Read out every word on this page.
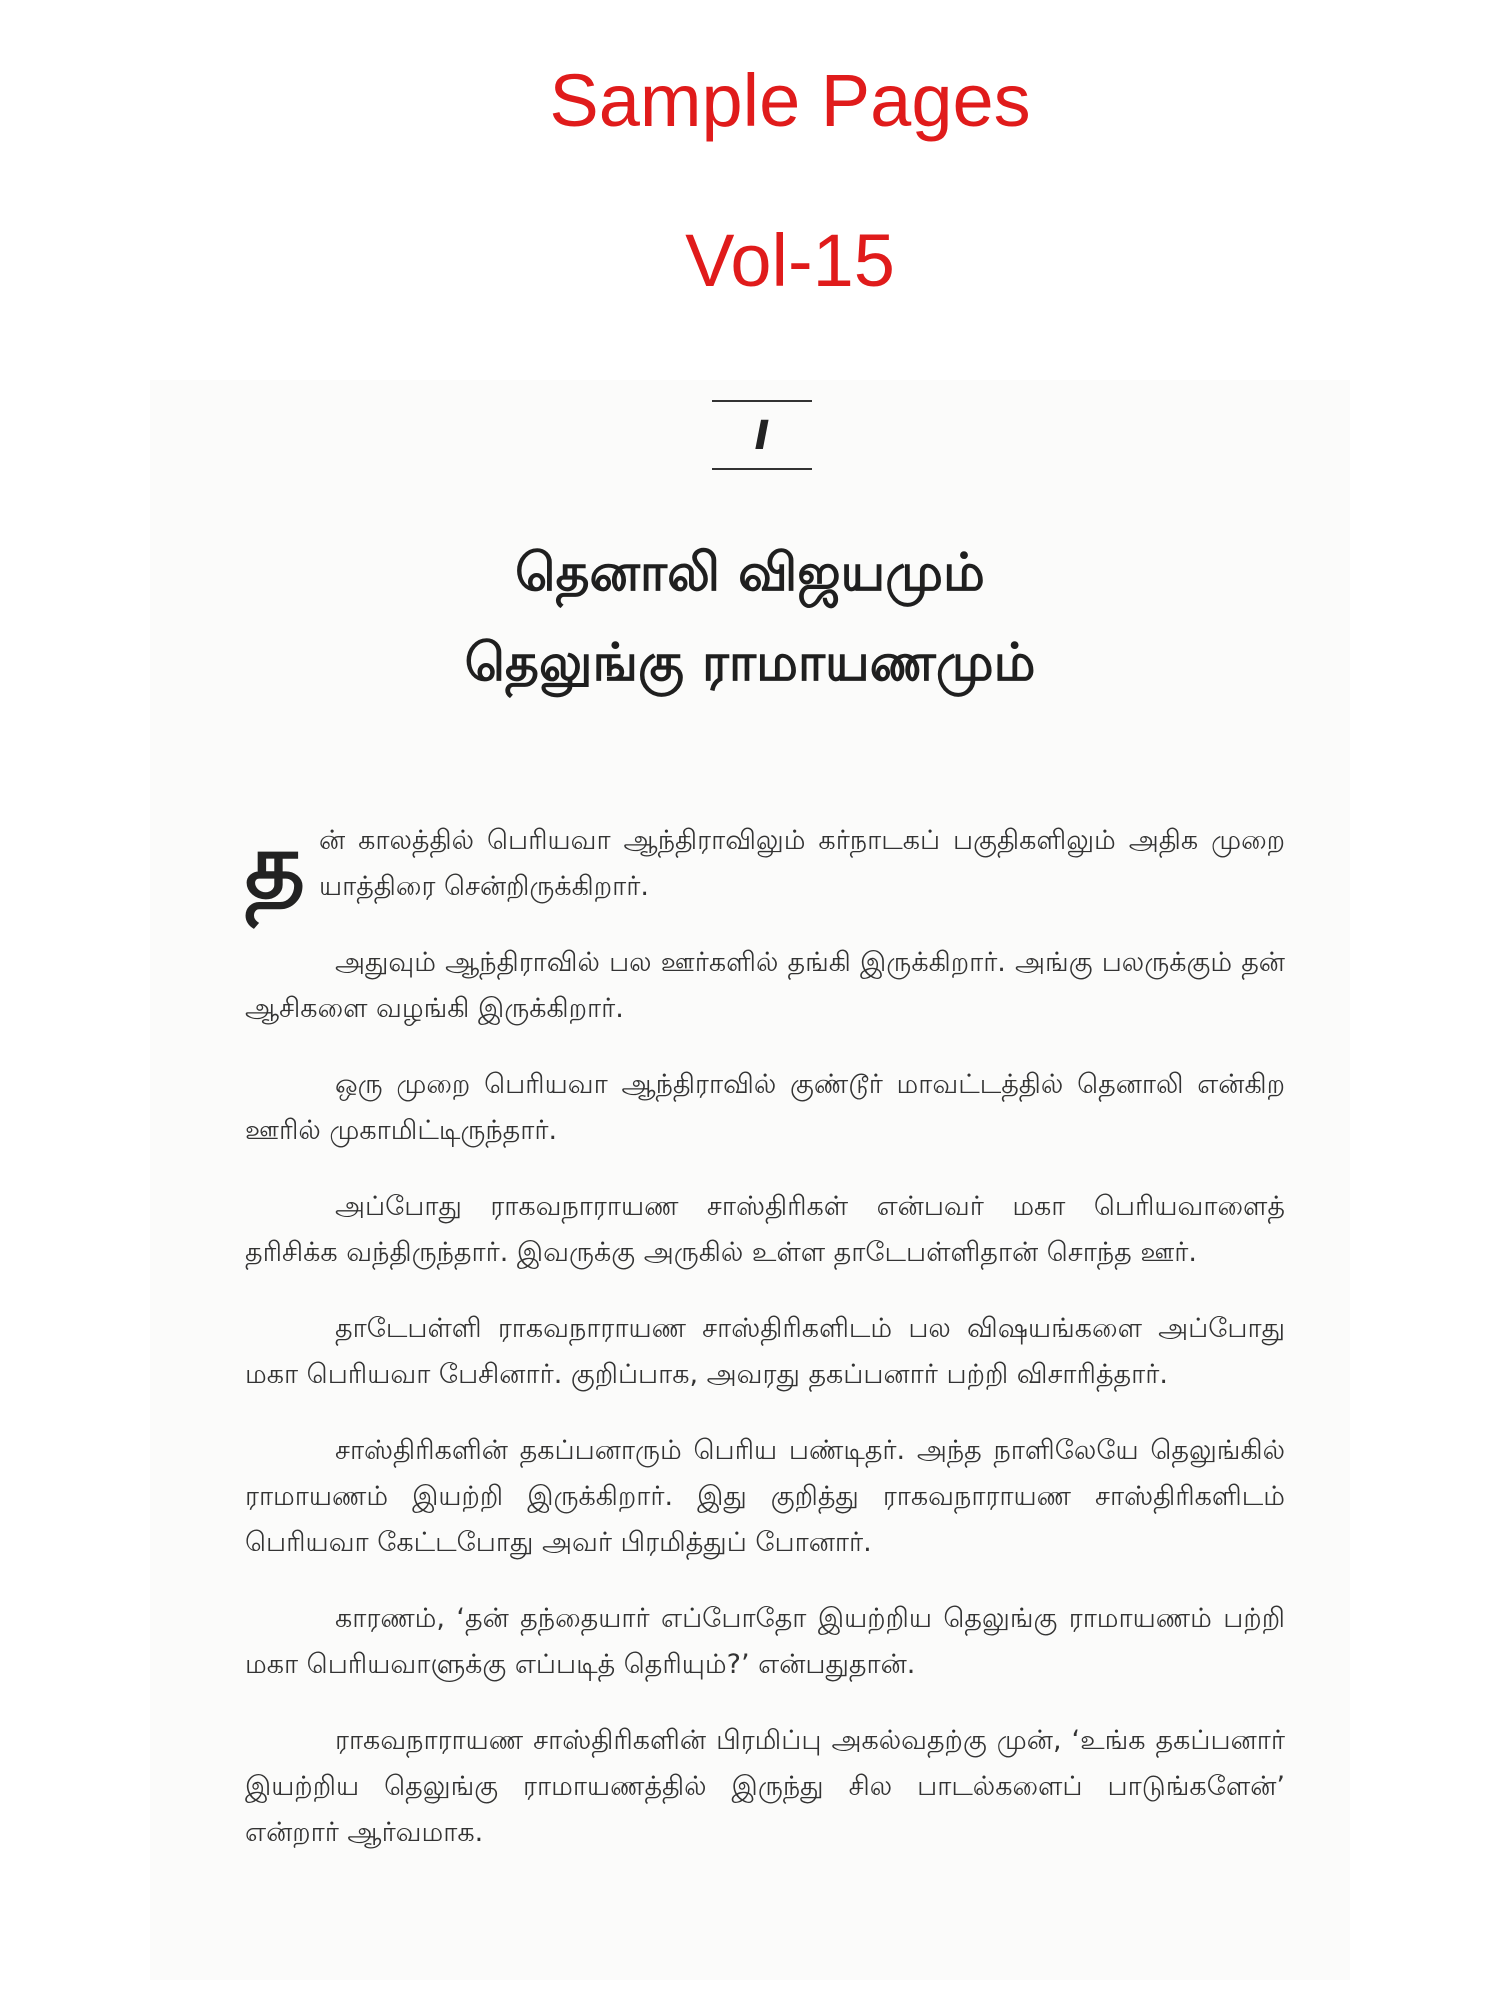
Sample Pages
Vol-15
I
தெனாலி விஜயமும்
தெலுங்கு ராமாயணமும்

தன் காலத்தில் பெரியவா ஆந்திராவிலும் கர்நாடகப் பகுதிகளிலும் அதிக முறை யாத்திரை சென்றிருக்கிறார்.

அதுவும் ஆந்திராவில் பல ஊர்களில் தங்கி இருக்கிறார். அங்கு பலருக்கும் தன் ஆசிகளை வழங்கி இருக்கிறார்.

ஒரு முறை பெரியவா ஆந்திராவில் குண்டூர் மாவட்டத்தில் தெனாலி என்கிற ஊரில் முகாமிட்டிருந்தார்.

அப்போது ராகவநாராயண சாஸ்திரிகள் என்பவர் மகா பெரியவாளைத் தரிசிக்க வந்திருந்தார். இவருக்கு அருகில் உள்ள தாடேபள்ளிதான் சொந்த ஊர்.

தாடேபள்ளி ராகவநாராயண சாஸ்திரிகளிடம் பல விஷயங்களை அப்போது மகா பெரியவா பேசினார். குறிப்பாக, அவரது தகப்பனார் பற்றி விசாரித்தார்.

சாஸ்திரிகளின் தகப்பனாரும் பெரிய பண்டிதர். அந்த நாளிலேயே தெலுங்கில் ராமாயணம் இயற்றி இருக்கிறார். இது குறித்து ராகவநாராயண சாஸ்திரிகளிடம் பெரியவா கேட்டபோது அவர் பிரமித்துப் போனார்.

காரணம், ‘தன் தந்தையார் எப்போதோ இயற்றிய தெலுங்கு ராமாயணம் பற்றி மகா பெரியவாளுக்கு எப்படித் தெரியும்?’ என்பதுதான்.

ராகவநாராயண சாஸ்திரிகளின் பிரமிப்பு அகல்வதற்கு முன், ‘உங்க தகப்பனார் இயற்றிய தெலுங்கு ராமாயணத்தில் இருந்து சில பாடல்களைப் பாடுங்களேன்’ என்றார் ஆர்வமாக.
